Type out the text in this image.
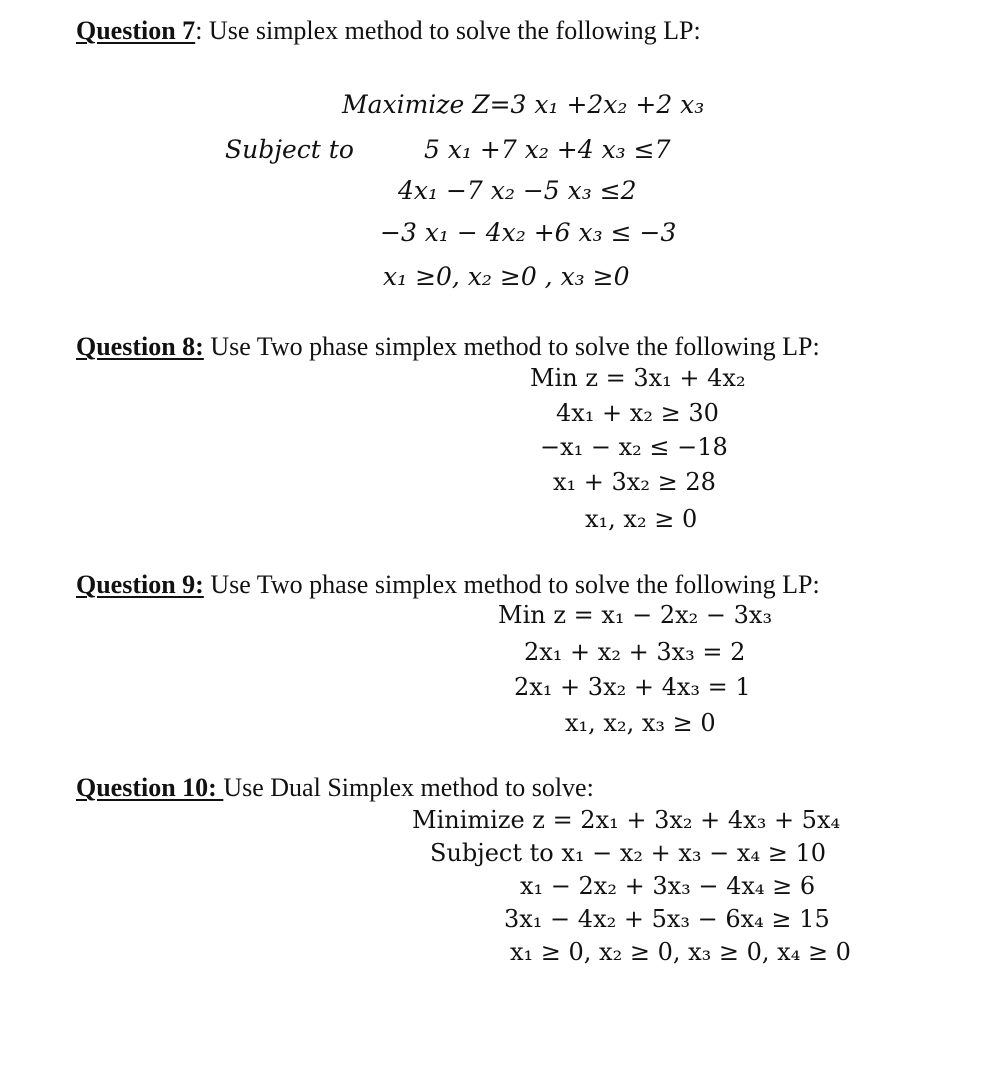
Question 7: Use simplex method to solve the following LP:
Maximize Z=3 x₁ +2x₂ +2 x₃
Subject to	5 x₁ +7 x₂ +4 x₃ ≤7
4x₁ −7 x₂ −5 x₃ ≤2
−3 x₁ − 4x₂ +6 x₃ ≤ −3
x₁ ≥0, x₂ ≥0 , x₃ ≥0
Question 8: Use Two phase simplex method to solve the following LP:
Min z = 3x₁ + 4x₂
4x₁ + x₂ ≥ 30
−x₁ − x₂ ≤ −18
x₁ + 3x₂ ≥ 28
x₁, x₂ ≥ 0
Question 9: Use Two phase simplex method to solve the following LP:
Min z = x₁ − 2x₂ − 3x₃
2x₁ + x₂ + 3x₃ = 2
2x₁ + 3x₂ + 4x₃ = 1
x₁, x₂, x₃ ≥ 0
Question 10: Use Dual Simplex method to solve:
Minimize z = 2x₁ + 3x₂ + 4x₃ + 5x₄
Subject to x₁ − x₂ + x₃ − x₄ ≥ 10
x₁ − 2x₂ + 3x₃ − 4x₄ ≥ 6
3x₁ − 4x₂ + 5x₃ − 6x₄ ≥ 15
x₁ ≥ 0, x₂ ≥ 0, x₃ ≥ 0, x₄ ≥ 0
